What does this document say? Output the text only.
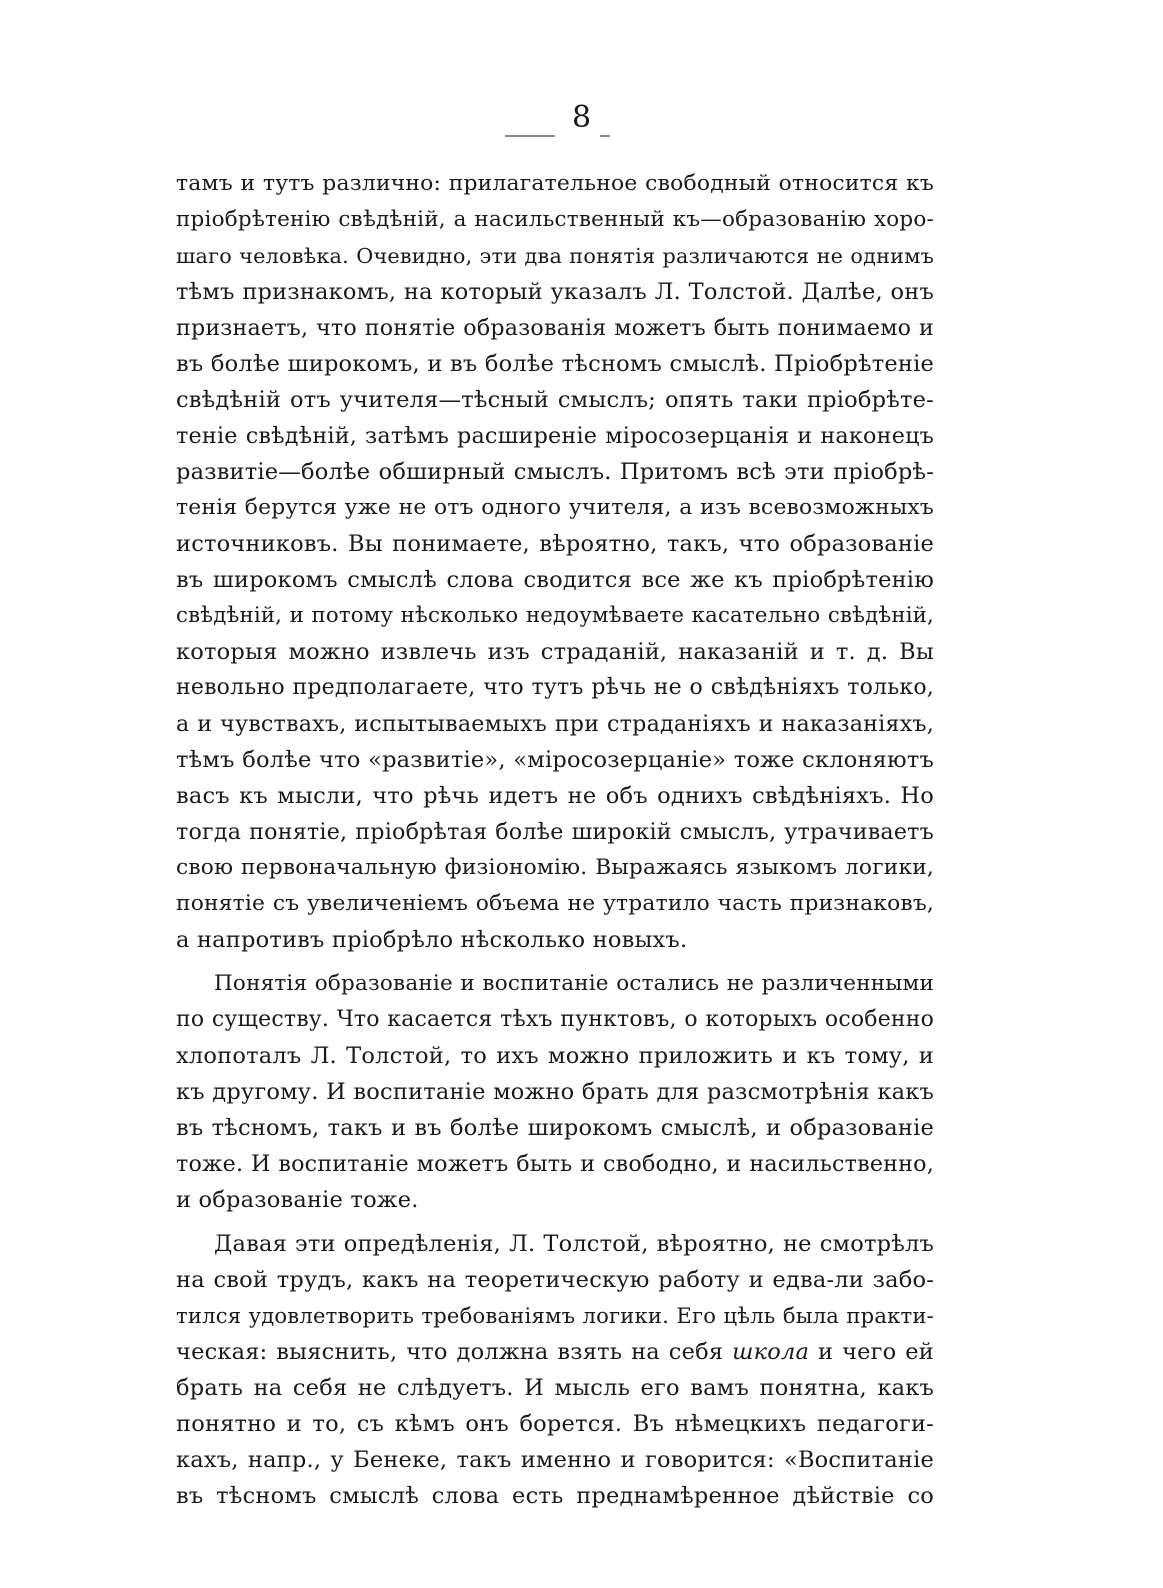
8
тамъ и тутъ различно: прилагательное свободный относится къ
пріобрѣтенію свѣдѣній, а насильственный къ—образованію хоро-
шаго человѣка. Очевидно, эти два понятія различаются не однимъ
тѣмъ признакомъ, на который указалъ Л. Толстой. Далѣе, онъ
признаетъ, что понятіе образованія можетъ быть понимаемо и
въ болѣе широкомъ, и въ болѣе тѣсномъ смыслѣ. Пріобрѣтеніе
свѣдѣній отъ учителя—тѣсный смыслъ; опять таки пріобрѣте-
теніе свѣдѣній, затѣмъ расширеніе міросозерцанія и наконецъ
развитіе—болѣе обширный смыслъ. Притомъ всѣ эти пріобрѣ-
тенія берутся уже не отъ одного учителя, а изъ всевозможныхъ
источниковъ. Вы понимаете, вѣроятно, такъ, что образованіе
въ широкомъ смыслѣ слова сводится все же къ пріобрѣтенію
свѣдѣній, и потому нѣсколько недоумѣваете касательно свѣдѣній,
которыя можно извлечь изъ страданій, наказаній и т. д. Вы
невольно предполагаете, что тутъ рѣчь не о свѣдѣніяхъ только,
а и чувствахъ, испытываемыхъ при страданіяхъ и наказаніяхъ,
тѣмъ болѣе что «развитіе», «міросозерцаніе» тоже склоняютъ
васъ къ мысли, что рѣчь идетъ не объ однихъ свѣдѣніяхъ. Но
тогда понятіе, пріобрѣтая болѣе широкій смыслъ, утрачиваетъ
свою первоначальную физіономію. Выражаясь языкомъ логики,
понятіе съ увеличеніемъ объема не утратило часть признаковъ,
а напротивъ пріобрѣло нѣсколько новыхъ.
Понятія образованіе и воспитаніе остались не различенными
по существу. Что касается тѣхъ пунктовъ, о которыхъ особенно
хлопоталъ Л. Толстой, то ихъ можно приложить и къ тому, и
къ другому. И воспитаніе можно брать для разсмотрѣнія какъ
въ тѣсномъ, такъ и въ болѣе широкомъ смыслѣ, и образованіе
тоже. И воспитаніе можетъ быть и свободно, и насильственно,
и образованіе тоже.
Давая эти опредѣленія, Л. Толстой, вѣроятно, не смотрѣлъ
на свой трудъ, какъ на теоретическую работу и едва-ли забо-
тился удовлетворить требованіямъ логики. Его цѣль была практи-
ческая: выяснить, что должна взять на себя школа и чего ей
брать на себя не слѣдуетъ. И мысль его вамъ понятна, какъ
понятно и то, съ кѣмъ онъ борется. Въ нѣмецкихъ педагоги-
кахъ, напр., у Бенеке, такъ именно и говорится: «Воспитаніе
въ тѣсномъ смыслѣ слова есть преднамѣренное дѣйствіе со
